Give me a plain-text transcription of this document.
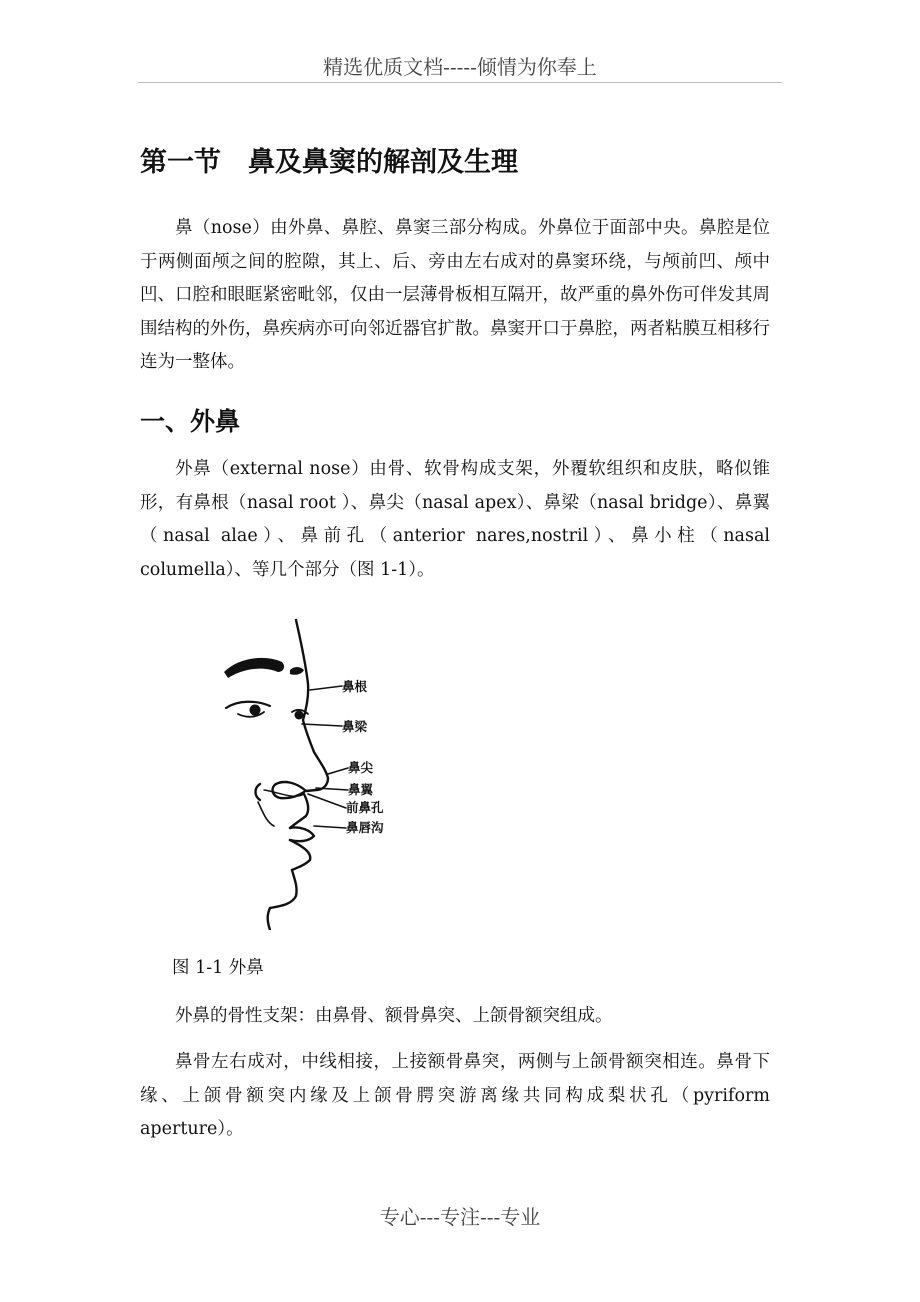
精选优质文档-----倾情为你奉上
第一节　鼻及鼻窦的解剖及生理

鼻（nose）由外鼻、鼻腔、鼻窦三部分构成。外鼻位于面部中央。鼻腔是位于两侧面颅之间的腔隙，其上、后、旁由左右成对的鼻窦环绕，与颅前凹、颅中凹、口腔和眼眶紧密毗邻，仅由一层薄骨板相互隔开，故严重的鼻外伤可伴发其周围结构的外伤，鼻疾病亦可向邻近器官扩散。鼻窦开口于鼻腔，两者粘膜互相移行连为一整体。

一、外鼻

外鼻（external nose）由骨、软骨构成支架，外覆软组织和皮肤，略似锥形，有鼻根（nasal root ）、鼻尖（nasal apex）、鼻梁（nasal bridge）、鼻翼（nasal alae）、鼻前孔（anterior nares,nostril）、鼻小柱（nasal columella）、等几个部分（图 1-1）。

鼻根
鼻梁
鼻尖
鼻翼
前鼻孔
鼻唇沟

图 1-1 外鼻

外鼻的骨性支架：由鼻骨、额骨鼻突、上颌骨额突组成。

鼻骨左右成对，中线相接，上接额骨鼻突，两侧与上颌骨额突相连。鼻骨下缘、上颌骨额突内缘及上颌骨腭突游离缘共同构成梨状孔（pyriform aperture）。

专心---专注---专业
